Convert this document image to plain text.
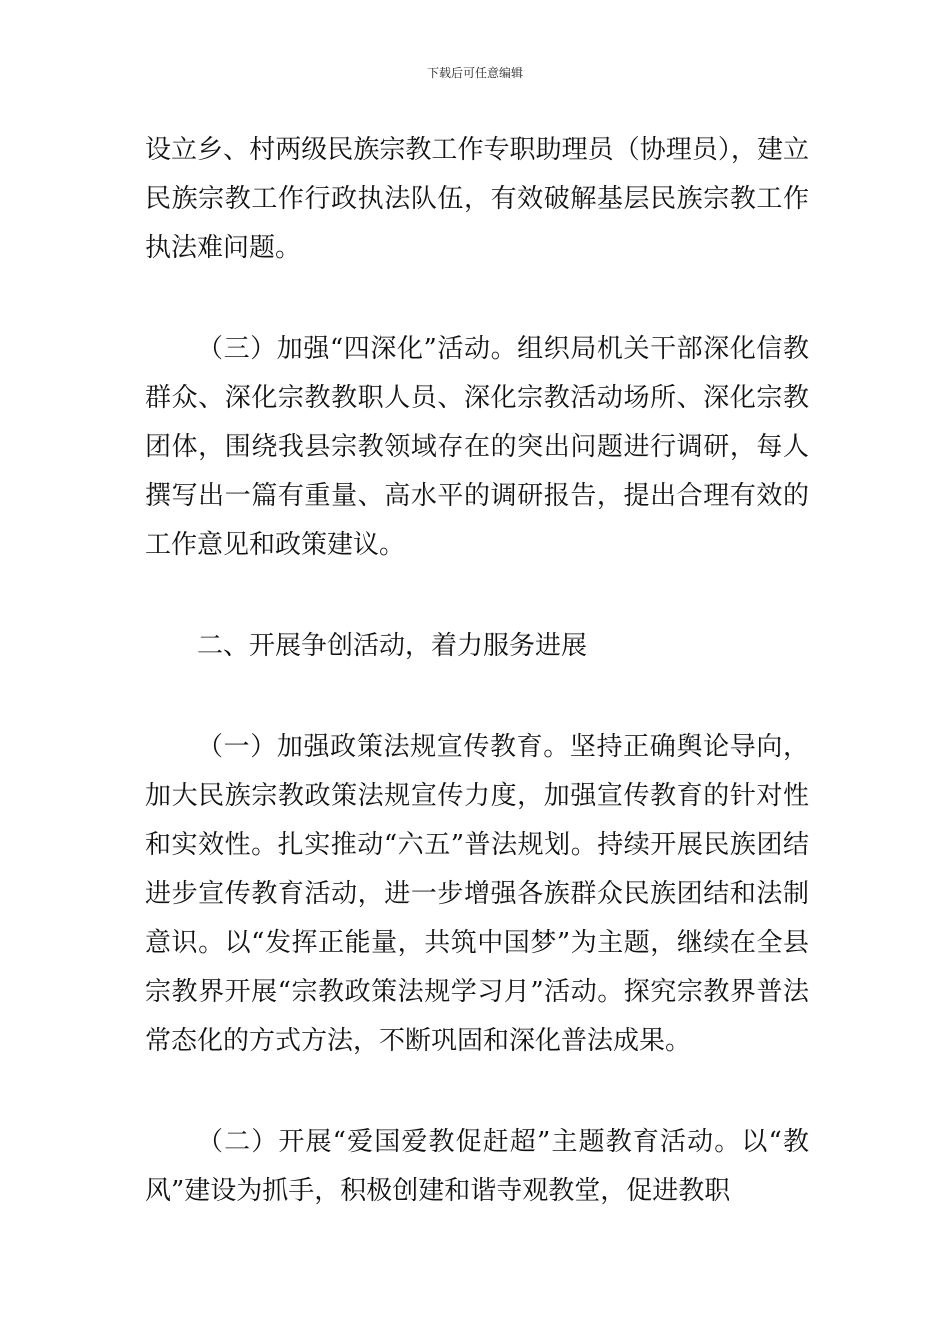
下载后可任意编辑

设立乡、村两级民族宗教工作专职助理员（协理员），建立民族宗教工作行政执法队伍，有效破解基层民族宗教工作执法难问题。

（三）加强“四深化”活动。组织局机关干部深化信教群众、深化宗教教职人员、深化宗教活动场所、深化宗教团体，围绕我县宗教领域存在的突出问题进行调研，每人撰写出一篇有重量、高水平的调研报告，提出合理有效的工作意见和政策建议。

二、开展争创活动，着力服务进展

（一）加强政策法规宣传教育。坚持正确舆论导向，加大民族宗教政策法规宣传力度，加强宣传教育的针对性和实效性。扎实推动“六五”普法规划。持续开展民族团结进步宣传教育活动，进一步增强各族群众民族团结和法制意识。以“发挥正能量，共筑中国梦”为主题，继续在全县宗教界开展“宗教政策法规学习月”活动。探究宗教界普法常态化的方式方法，不断巩固和深化普法成果。

（二）开展“爱国爱教促赶超”主题教育活动。以“教风”建设为抓手，积极创建和谐寺观教堂，促进教职
